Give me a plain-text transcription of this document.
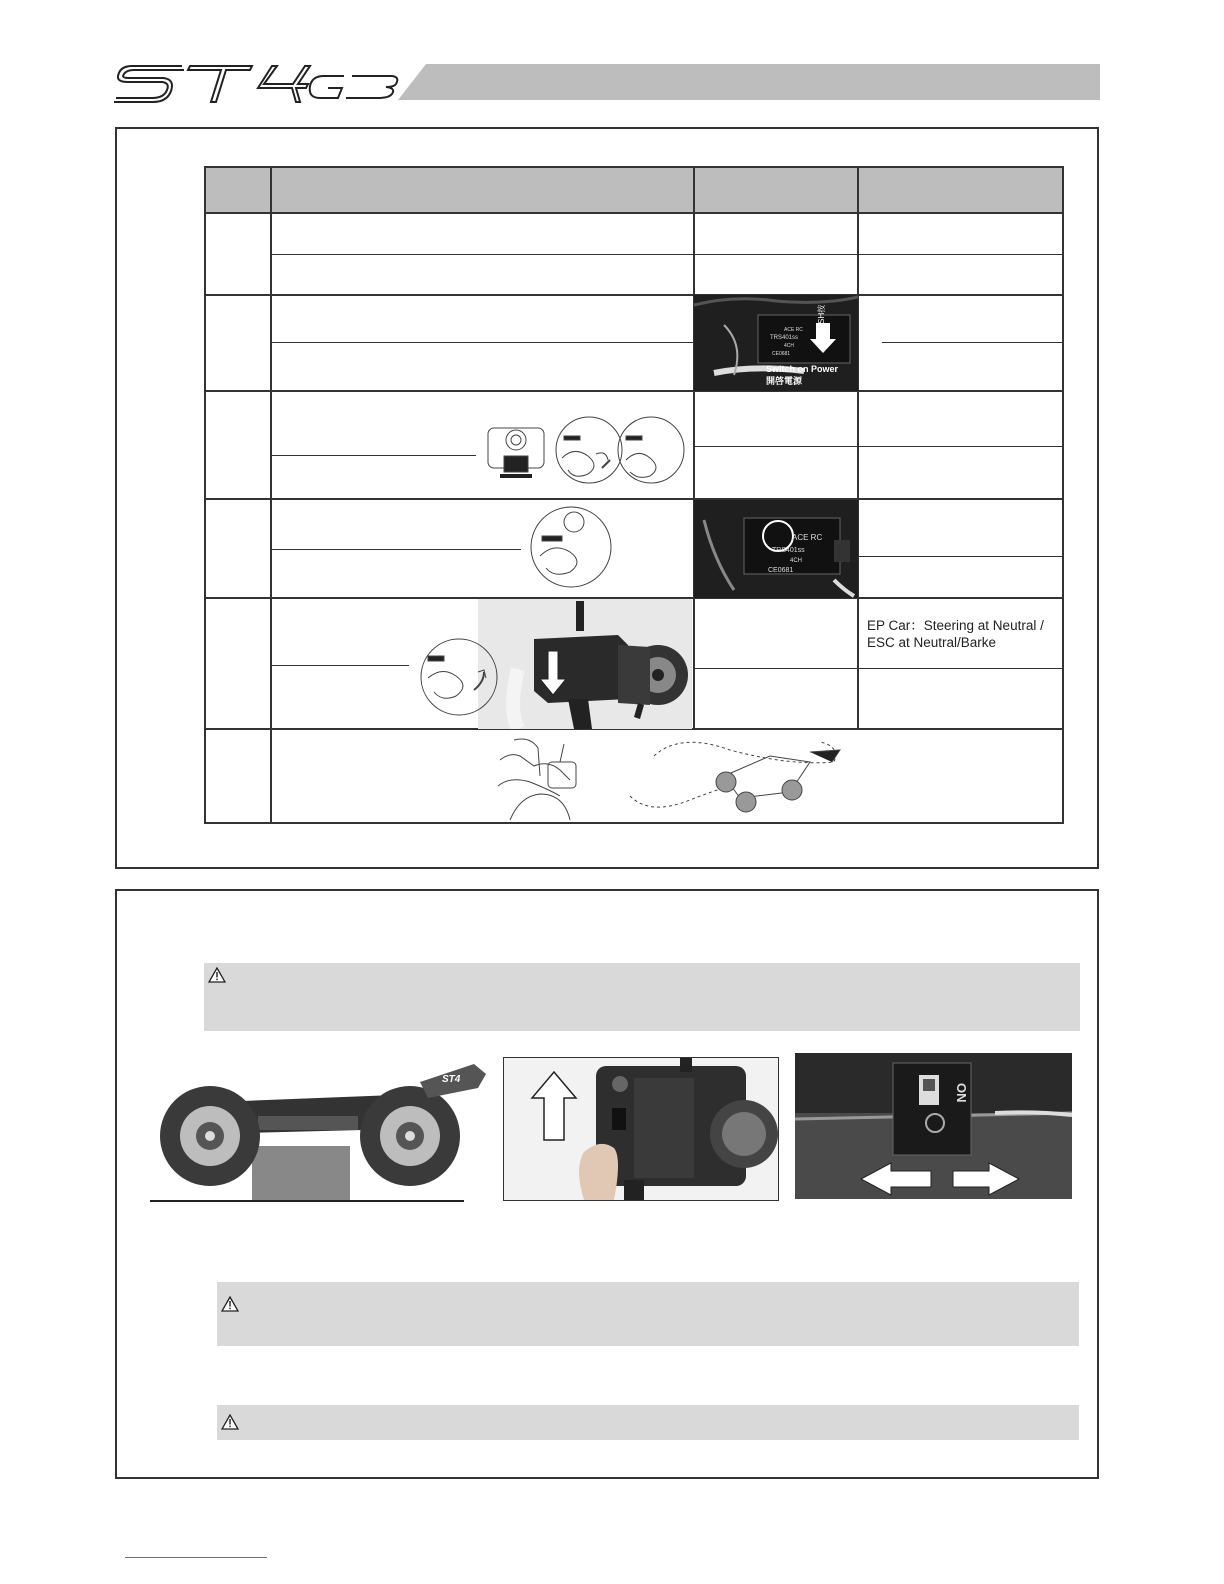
TRS401ss
ACE RC
4CH
CE0681
PUSH按
Switch on Power
開啓電源
ACE RC
TRS401ss
4CH
CE0681
EP Car：Steering at Neutral / ESC at Neutral/Barke
ST4
ON
